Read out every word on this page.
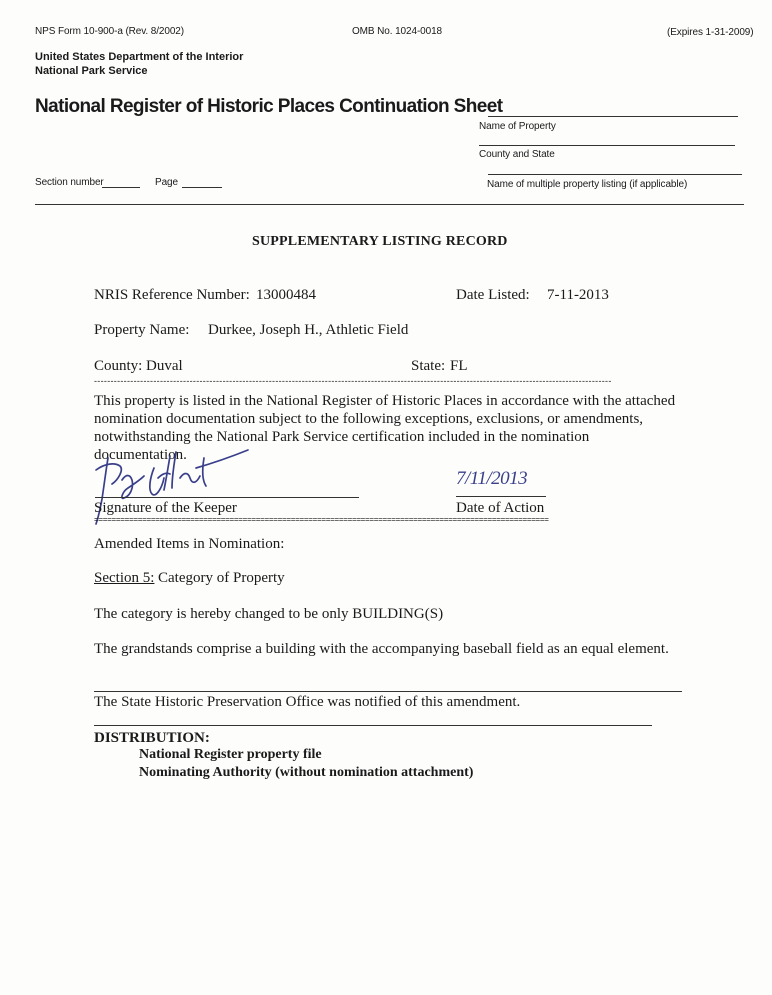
NPS Form 10-900-a (Rev. 8/2002)	OMB No. 1024-0018	(Expires 1-31-2009)
United States Department of the Interior
National Park Service
National Register of Historic Places Continuation Sheet
Name of Property
County and State
Name of multiple property listing (if applicable)
Section number	Page
SUPPLEMENTARY LISTING RECORD
NRIS Reference Number: 13000484	Date Listed: 7-11-2013
Property Name: Durkee, Joseph H., Athletic Field
County: Duval	State: FL
-------------------------------------------------------------------------------------------------------------------------------------------------------------
This property is listed in the National Register of Historic Places in accordance with the attached
nomination documentation subject to the following exceptions, exclusions, or amendments,
notwithstanding the National Park Service certification included in the nomination
documentation.
Signature of the Keeper
7/11/2013
Date of Action
========================================================================================================
Amended Items in Nomination:
Section 5: Category of Property
The category is hereby changed to be only BUILDING(S)
The grandstands comprise a building with the accompanying baseball field as an equal element.
The State Historic Preservation Office was notified of this amendment.
DISTRIBUTION:
National Register property file
Nominating Authority (without nomination attachment)
